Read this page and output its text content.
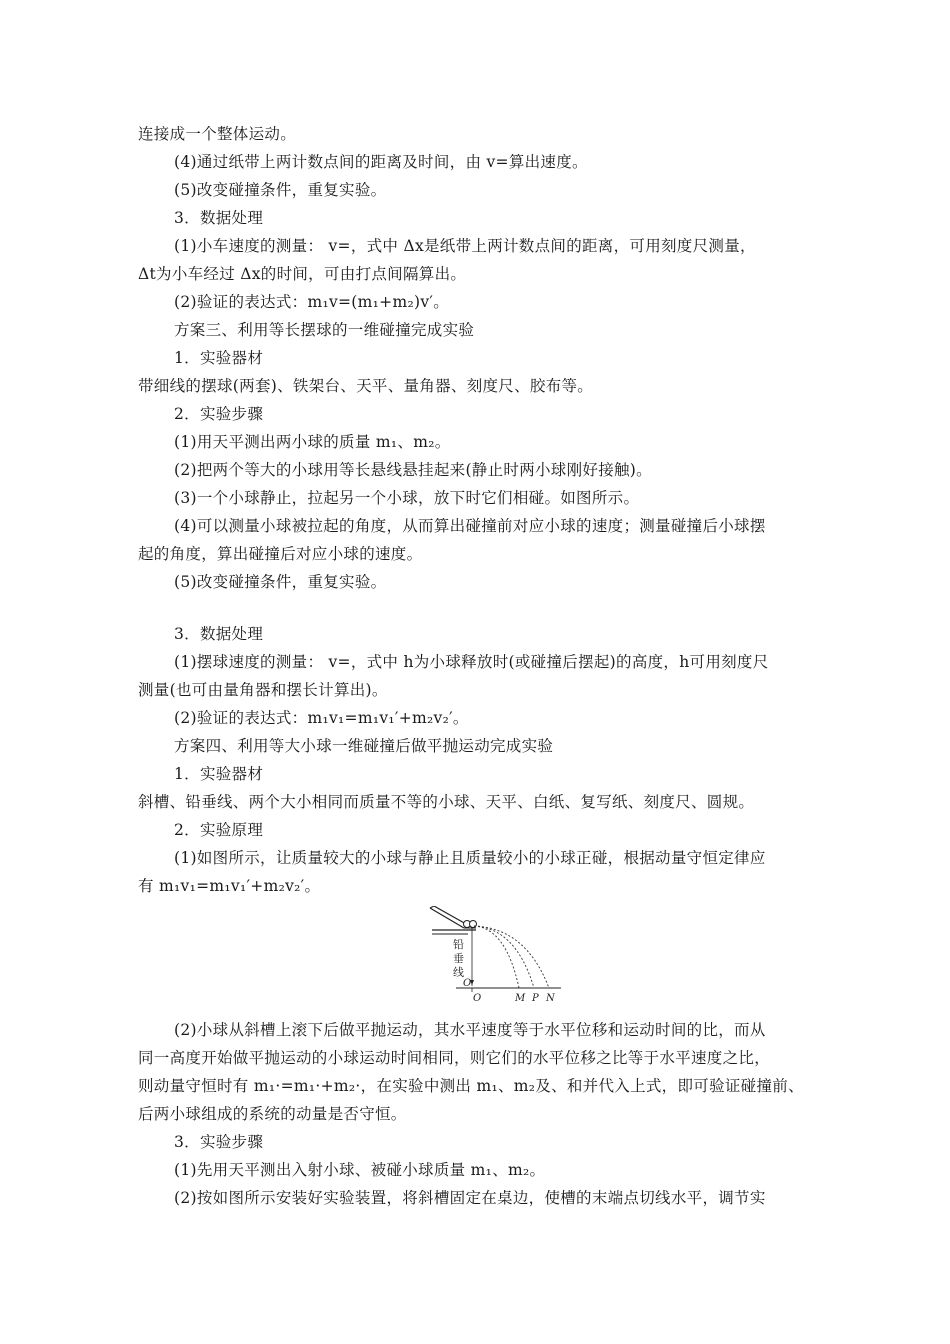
连接成一个整体运动。
(4)通过纸带上两计数点间的距离及时间，由 v=算出速度。
(5)改变碰撞条件，重复实验。
3．数据处理
(1)小车速度的测量： v=，式中 Δx是纸带上两计数点间的距离，可用刻度尺测量，
Δt为小车经过 Δx的时间，可由打点间隔算出。
(2)验证的表达式：m₁v=(m₁+m₂)v′。
方案三、利用等长摆球的一维碰撞完成实验
1．实验器材
带细线的摆球(两套)、铁架台、天平、量角器、刻度尺、胶布等。
2．实验步骤
(1)用天平测出两小球的质量 m₁、m₂。
(2)把两个等大的小球用等长悬线悬挂起来(静止时两小球刚好接触)。
(3)一个小球静止，拉起另一个小球，放下时它们相碰。如图所示。
(4)可以测量小球被拉起的角度，从而算出碰撞前对应小球的速度；测量碰撞后小球摆
起的角度，算出碰撞后对应小球的速度。
(5)改变碰撞条件，重复实验。
3．数据处理
(1)摆球速度的测量： v=，式中 h为小球释放时(或碰撞后摆起)的高度，h可用刻度尺
测量(也可由量角器和摆长计算出)。
(2)验证的表达式：m₁v₁=m₁v₁′+m₂v₂′。
方案四、利用等大小球一维碰撞后做平抛运动完成实验
1．实验器材
斜槽、铅垂线、两个大小相同而质量不等的小球、天平、白纸、复写纸、刻度尺、圆规。
2．实验原理
(1)如图所示，让质量较大的小球与静止且质量较小的小球正碰，根据动量守恒定律应
有 m₁v₁=m₁v₁′+m₂v₂′。
铅
垂
线
O
O	M P N
(2)小球从斜槽上滚下后做平抛运动，其水平速度等于水平位移和运动时间的比，而从
同一高度开始做平抛运动的小球运动时间相同，则它们的水平位移之比等于水平速度之比，
则动量守恒时有 m₁·=m₁·+m₂·，在实验中测出 m₁、m₂及、和并代入上式，即可验证碰撞前、
后两小球组成的系统的动量是否守恒。
3．实验步骤
(1)先用天平测出入射小球、被碰小球质量 m₁、m₂。
(2)按如图所示安装好实验装置，将斜槽固定在桌边，使槽的末端点切线水平，调节实
